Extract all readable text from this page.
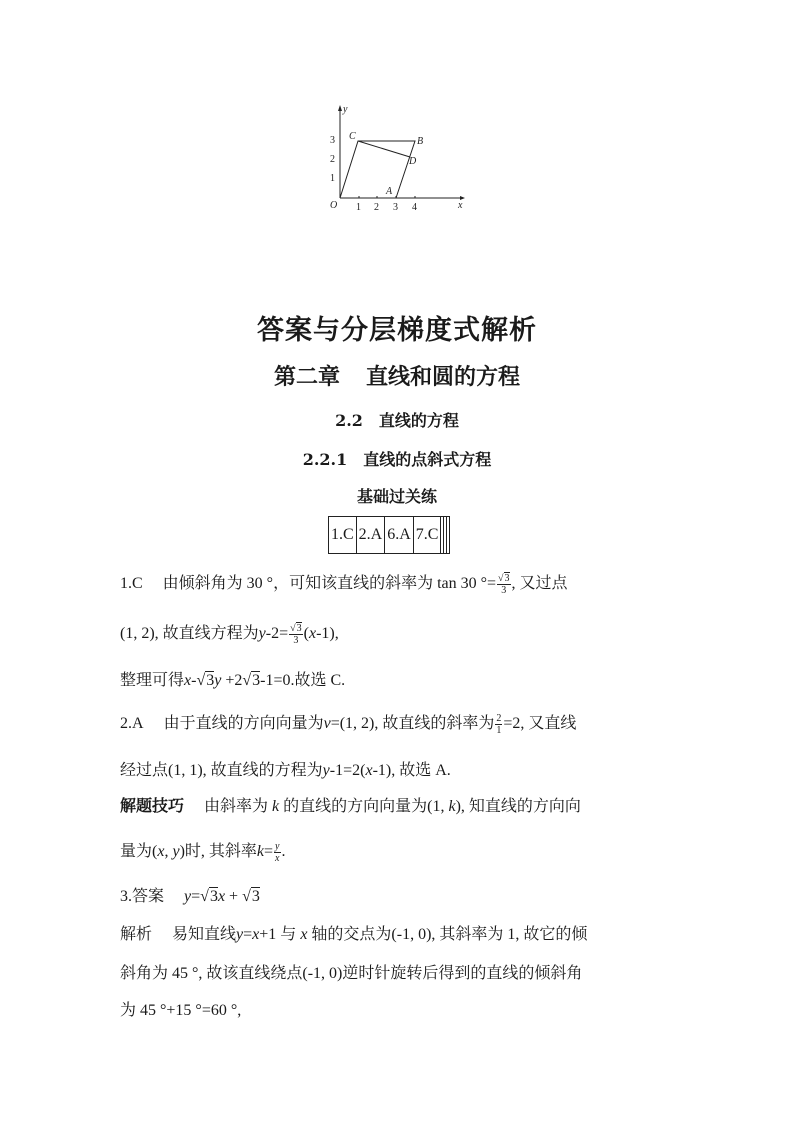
x
y
O 1 2 3 4
1
2
3
A
B
C
D
答案与分层梯度式解析
第二章 直线和圆的方程
2.2　直线的方程
2.2.1　直线的点斜式方程
基础过关练
1.C	2.A	6.A	7.C			
1.C 由倾斜角为 30 °，可知该直线的斜率为 tan 30 °= $\frac{√3}{3}$ , 又过点
(1, 2), 故直线方程为$y-2= \frac{√3}{3} (x-1)$,
整理可得x-√3y +2√3-1=0.故选 C.
2.A 由于直线的方向向量为v=(1, 2), 故直线的斜率为 $\frac{2}{1} =2$, 又直线
经过点(1, 1), 故直线的方程为y-1=2(x-1), 故选 A.
解题技巧 由斜率为 k 的直线的方向向量为(1, k), 知直线的方向向
量为(x, y)时, 其斜率$k= \frac{y}{x}$ .
3.答案 y=√3x + √3
解析 易知直线y=x+1 与 x 轴的交点为(-1, 0), 其斜率为 1, 故它的倾
斜角为 45 °, 故该直线绕点(-1, 0)逆时针旋转后得到的直线的倾斜角
为 45 °+15 °=60 °,
